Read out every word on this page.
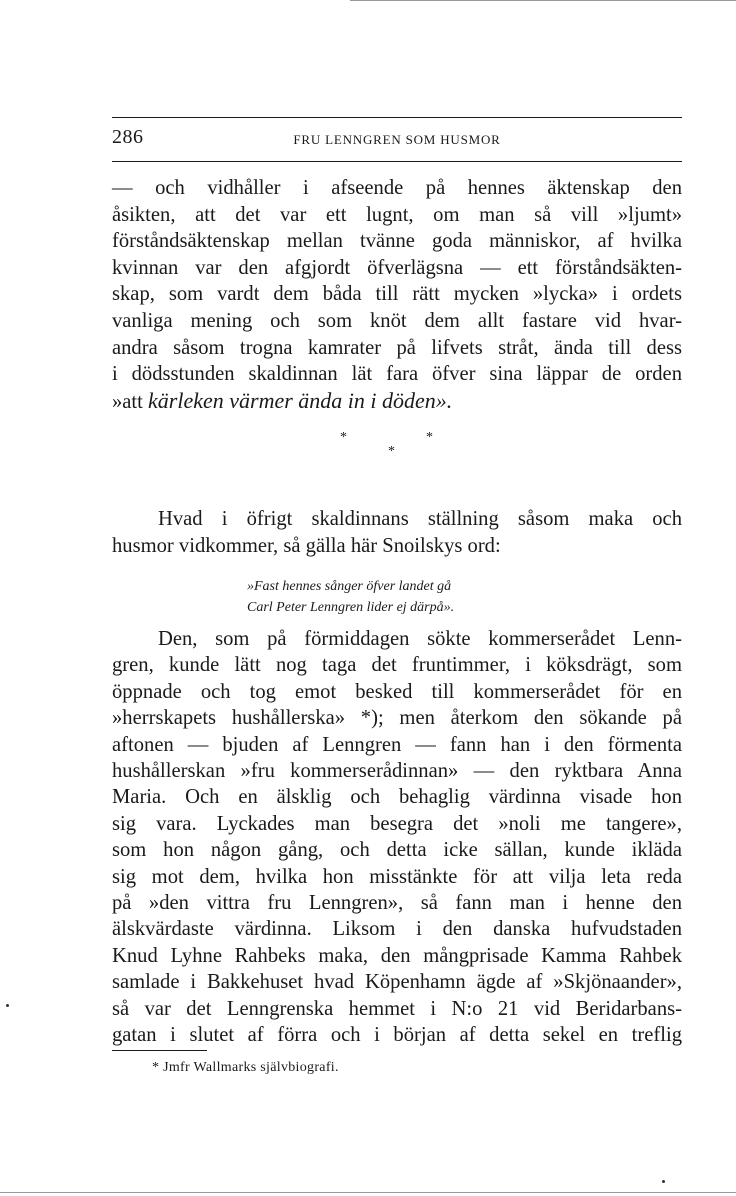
286	FRU LENNGREN SOM HUSMOR
— och vidhåller i afseende på hennes äktenskap den
åsikten, att det var ett lugnt, om man så vill »ljumt»
förståndsäktenskap mellan tvänne goda människor, af hvilka
kvinnan var den afgjordt öfverlägsna — ett förståndsäkten-
skap, som vardt dem båda till rätt mycken »lycka» i ordets
vanliga mening och som knöt dem allt fastare vid hvar-
andra såsom trogna kamrater på lifvets stråt, ända till dess
i dödsstunden skaldinnan lät fara öfver sina läppar de orden
»att kärleken värmer ända in i döden».
*
*
*
Hvad i öfrigt skaldinnans ställning såsom maka och
husmor vidkommer, så gälla här Snoilskys ord:
»Fast hennes sånger öfver landet gå
Carl Peter Lenngren lider ej därpå».
Den, som på förmiddagen sökte kommerserådet Lenn-
gren, kunde lätt nog taga det fruntimmer, i köksdrägt, som
öppnade och tog emot besked till kommerserådet för en
»herrskapets hushållerska» *); men återkom den sökande på
aftonen — bjuden af Lenngren — fann han i den förmenta
hushållerskan »fru kommerserådinnan» — den ryktbara Anna
Maria. Och en älsklig och behaglig värdinna visade hon
sig vara. Lyckades man besegra det »noli me tangere»,
som hon någon gång, och detta icke sällan, kunde ikläda
sig mot dem, hvilka hon misstänkte för att vilja leta reda
på »den vittra fru Lenngren», så fann man i henne den
älskvärdaste värdinna. Liksom i den danska hufvudstaden
Knud Lyhne Rahbeks maka, den mångprisade Kamma Rahbek
samlade i Bakkehuset hvad Köpenhamn ägde af »Skjönaander»,
så var det Lenngrenska hemmet i N:o 21 vid Beridarbans-
gatan i slutet af förra och i början af detta sekel en treflig
* Jmfr Wallmarks självbiografi.
